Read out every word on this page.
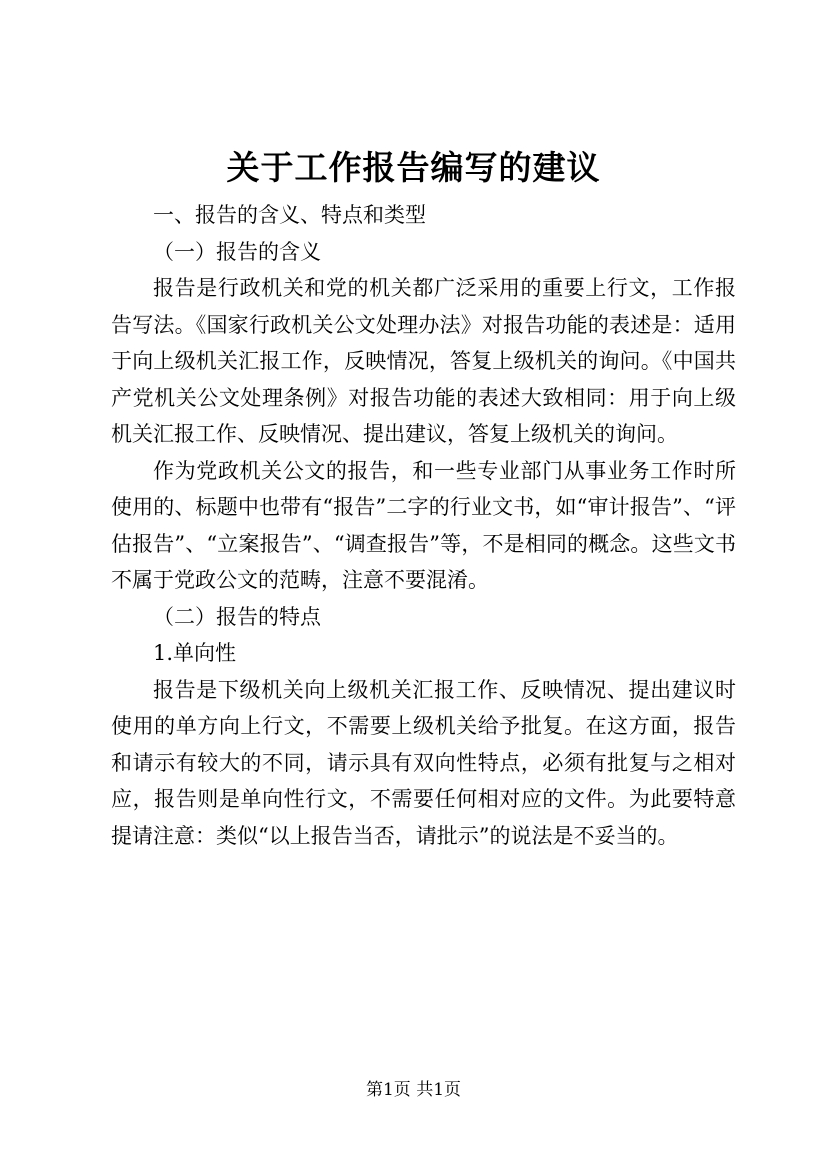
关于工作报告编写的建议

一、报告的含义、特点和类型

（一）报告的含义

报告是行政机关和党的机关都广泛采用的重要上行文，工作报告写法。《国家行政机关公文处理办法》对报告功能的表述是：适用于向上级机关汇报工作，反映情况，答复上级机关的询问。《中国共产党机关公文处理条例》对报告功能的表述大致相同：用于向上级机关汇报工作、反映情况、提出建议，答复上级机关的询问。

作为党政机关公文的报告，和一些专业部门从事业务工作时所使用的、标题中也带有“报告”二字的行业文书，如“审计报告”、“评估报告”、“立案报告”、“调查报告”等，不是相同的概念。这些文书不属于党政公文的范畴，注意不要混淆。

（二）报告的特点

1.单向性

报告是下级机关向上级机关汇报工作、反映情况、提出建议时使用的单方向上行文，不需要上级机关给予批复。在这方面，报告和请示有较大的不同，请示具有双向性特点，必须有批复与之相对应，报告则是单向性行文，不需要任何相对应的文件。为此要特意提请注意：类似“以上报告当否，请批示”的说法是不妥当的。

第1页 共1页
